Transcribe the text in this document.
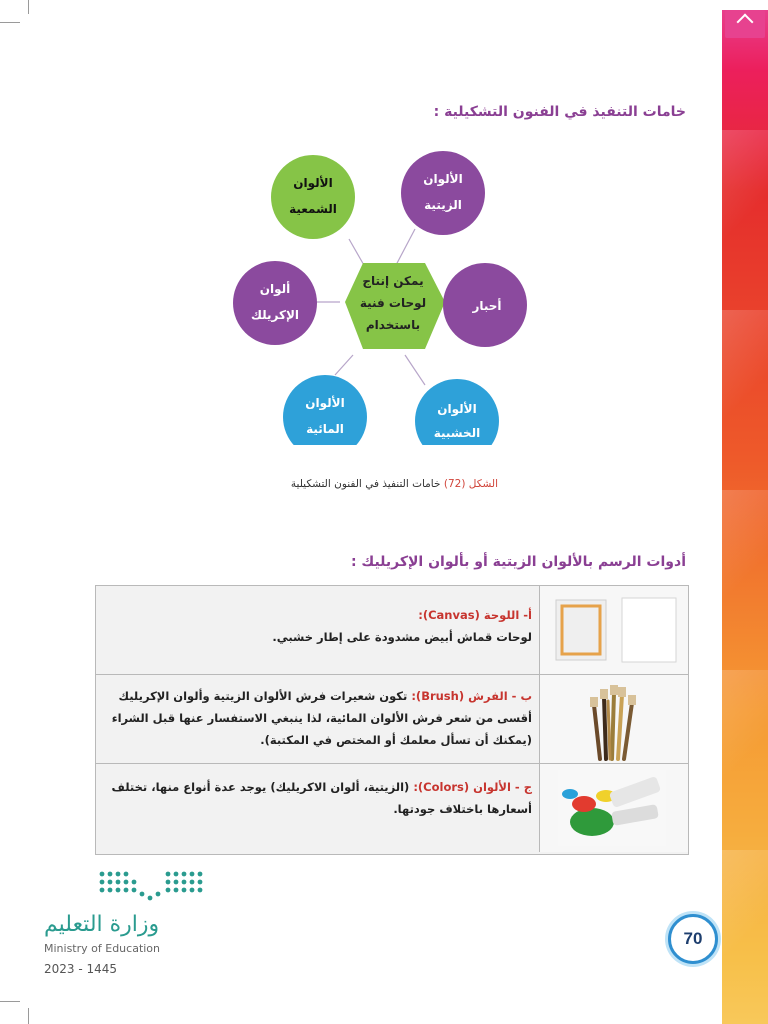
خامات التنفيذ في الفنون التشكيلية :
يمكن إنتاج
لوحات فنية
باستخدام
الألوان
الشمعية
الألوان
الزيتية
ألوان
الإكريلك
أحبار
الألوان
المائية
الألوان
الخشبية
الشكل (72) خامات التنفيذ في الفنون التشكيلية
أدوات الرسم بالألوان الزيتية أو بألوان الإكريليك :
أ- اللوحة (Canvas):
لوحات قماش أبيض مشدودة على إطار خشبي.
ب - الفرش (Brush): تكون شعيرات فرش الألوان الزيتية وألوان الإكريليك أقسى من شعر فرش الألوان المائية، لذا ينبغي الاستفسار عنها قبل الشراء (يمكنك أن تسأل معلمك أو المختص في المكتبة).
ج - الألوان (Colors): (الزيتية، ألوان الاكريليك) يوجد عدة أنواع منها، تختلف أسعارها باختلاف جودتها.
وزارة التعليم
Ministry of Education
2023 - 1445
70
